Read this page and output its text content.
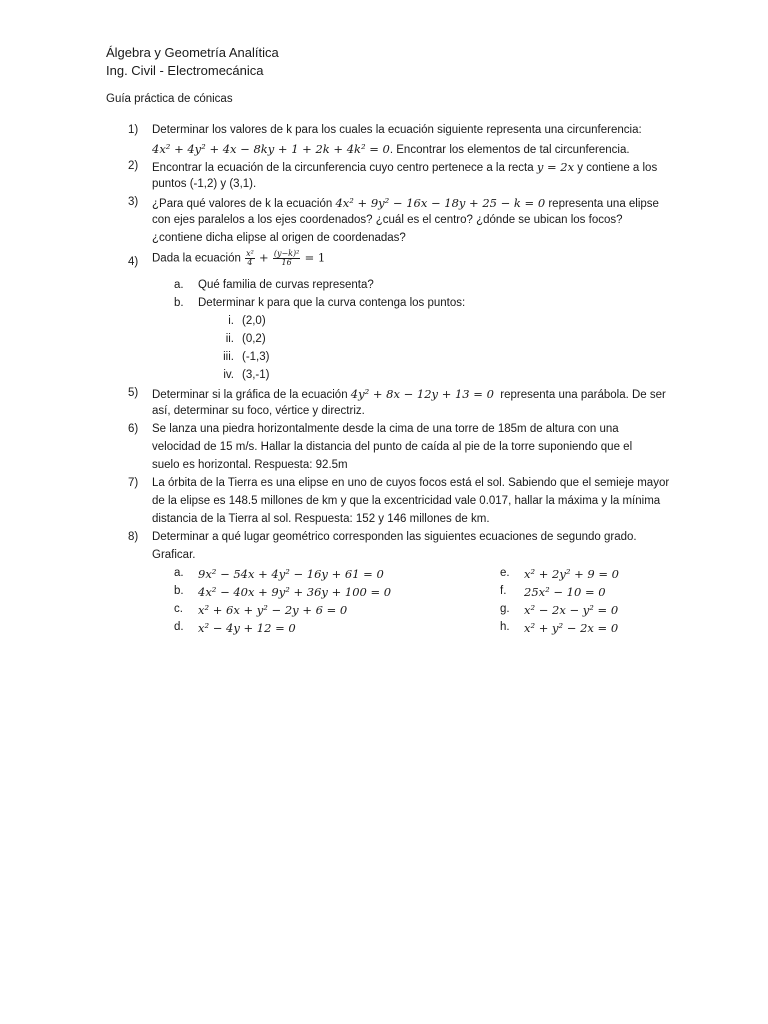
Álgebra y Geometría Analítica
Ing. Civil - Electromecánica
Guía práctica de cónicas
1) Determinar los valores de k para los cuales la ecuación siguiente representa una circunferencia:
4x² + 4y² + 4x − 8ky + 1 + 2k + 4k² = 0. Encontrar los elementos de tal circunferencia.
2) Encontrar la ecuación de la circunferencia cuyo centro pertenece a la recta y = 2x y contiene a los
puntos (-1,2) y (3,1).
3) ¿Para qué valores de k la ecuación 4x² + 9y² − 16x − 18y + 25 − k = 0 representa una elipse
con ejes paralelos a los ejes coordenados? ¿cuál es el centro? ¿dónde se ubican los focos?
¿contiene dicha elipse al origen de coordenadas?
4) Dada la ecuación $\frac{\text{x²}}{4} + \frac{\text{(y−k)²}}{16} = 1$
a. Qué familia de curvas representa?
b. Determinar k para que la curva contenga los puntos:
i. (2,0)
ii. (0,2)
iii. (-1,3)
iv. (3,-1)
5) Determinar si la gráfica de la ecuación 4y² + 8x − 12y + 13 = 0  representa una parábola. De ser
así, determinar su foco, vértice y directriz.
6) Se lanza una piedra horizontalmente desde la cima de una torre de 185m de altura con una
velocidad de 15 m/s. Hallar la distancia del punto de caída al pie de la torre suponiendo que el
suelo es horizontal. Respuesta: 92.5m
7) La órbita de la Tierra es una elipse en uno de cuyos focos está el sol. Sabiendo que el semieje mayor
de la elipse es 148.5 millones de km y que la excentricidad vale 0.017, hallar la máxima y la mínima
distancia de la Tierra al sol. Respuesta: 152 y 146 millones de km.
8) Determinar a qué lugar geométrico corresponden las siguientes ecuaciones de segundo grado.
Graficar.
a. 9x² − 54x + 4y² − 16y + 61 = 0
b. 4x² − 40x + 9y² + 36y + 100 = 0
c. x² + 6x + y² − 2y + 6 = 0
d. x² − 4y + 12 = 0
e. x² + 2y² + 9 = 0
f. 25x² − 10 = 0
g. x² − 2x − y² = 0
h. x² + y² − 2x = 0
